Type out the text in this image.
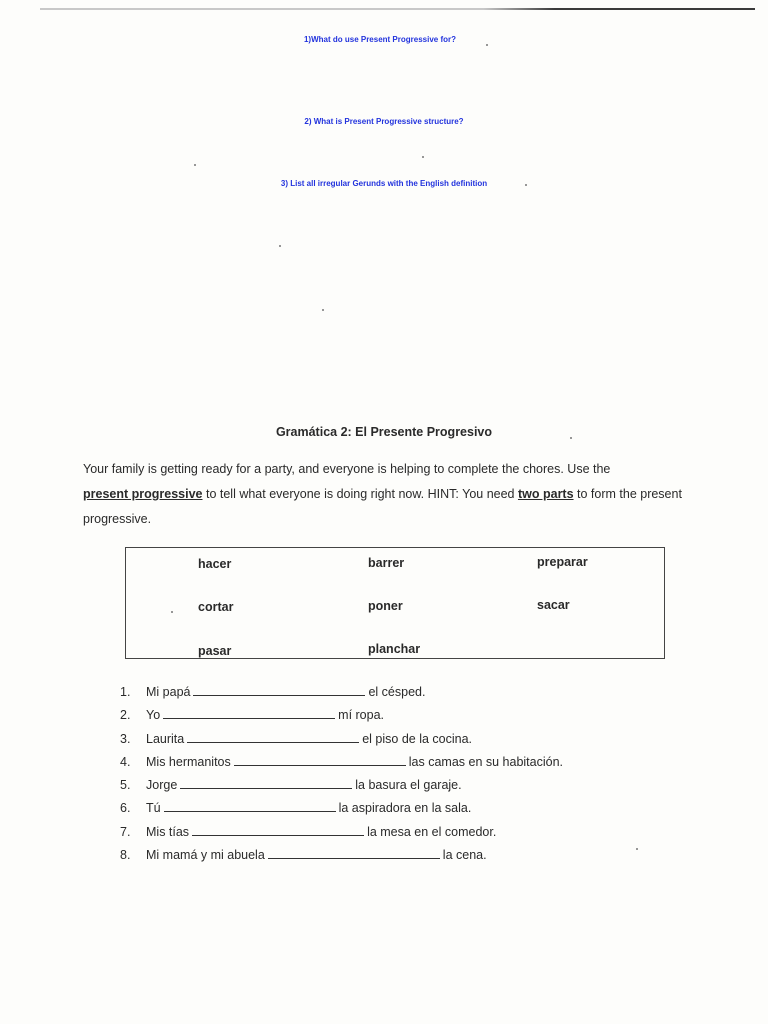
1)What do use Present Progressive for?
2) What is Present Progressive structure?
3) List all irregular Gerunds with the English definition
Gramática 2: El Presente Progresivo
Your family is getting ready for a party, and everyone is helping to complete the chores. Use the
present progressive to tell what everyone is doing right now. HINT: You need two parts to form the present progressive.
hacer	barrer	preparar
cortar	poner	sacar
pasar	planchar
1. Mi papá	el césped.
2. Yo	mí ropa.
3. Laurita	el piso de la cocina.
4. Mis hermanitos	las camas en su habitación.
5. Jorge	la basura el garaje.
6. Tú	la aspiradora en la sala.
7. Mis tías	la mesa en el comedor.
8. Mi mamá y mi abuela	la cena.
